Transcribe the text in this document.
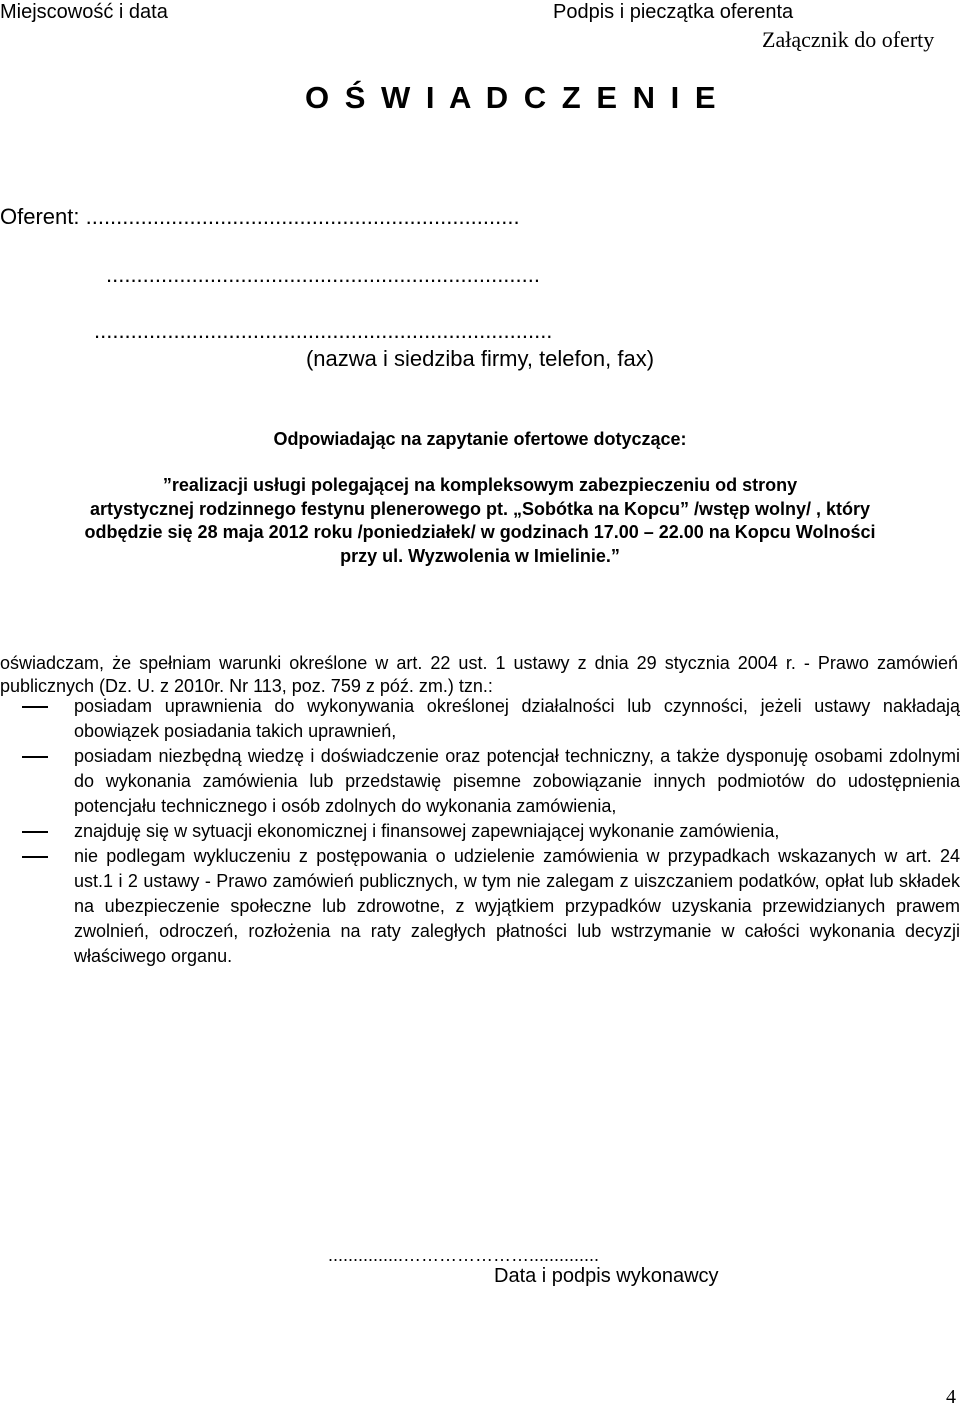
Miejscowość i data	Podpis i pieczątka oferenta
Załącznik do oferty
O Ś W I A D C Z E N I E
Oferent: .......................................................................
.......................................................................
...........................................................................
(nazwa i siedziba firmy, telefon, fax)
Odpowiadając na zapytanie ofertowe dotyczące:
”realizacji usługi polegającej na kompleksowym zabezpieczeniu od strony
artystycznej rodzinnego festynu plenerowego pt. „Sobótka na Kopcu” /wstęp wolny/ , który
odbędzie się 28 maja 2012 roku /poniedziałek/ w godzinach 17.00 – 22.00 na Kopcu Wolności
przy ul. Wyzwolenia w Imielinie.”
oświadczam, że spełniam warunki określone w art. 22 ust. 1 ustawy z dnia 29 stycznia 2004 r. - Prawo zamówień publicznych (Dz. U. z 2010r. Nr 113, poz. 759 z póź. zm.) tzn.:
posiadam uprawnienia do wykonywania określonej działalności lub czynności, jeżeli ustawy nakładają obowiązek posiadania takich uprawnień,
posiadam niezbędną wiedzę i doświadczenie oraz potencjał techniczny, a także dysponuję osobami zdolnymi do wykonania zamówienia lub przedstawię pisemne zobowiązanie innych podmiotów do udostępnienia potencjału technicznego i osób zdolnych do wykonania zamówienia,
znajduję się w sytuacji ekonomicznej i finansowej zapewniającej wykonanie zamówienia,
nie podlegam wykluczeniu z postępowania o udzielenie zamówienia w przypadkach wskazanych w art. 24 ust.1 i 2 ustawy - Prawo zamówień publicznych, w tym nie zalegam z uiszczaniem podatków, opłat lub składek na ubezpieczenie społeczne lub zdrowotne, z wyjątkiem przypadków uzyskania przewidzianych prawem zwolnień, odroczeń, rozłożenia na raty zaległych płatności lub wstrzymanie w całości wykonania decyzji właściwego organu.
...............…………………..............
Data i podpis wykonawcy
4
